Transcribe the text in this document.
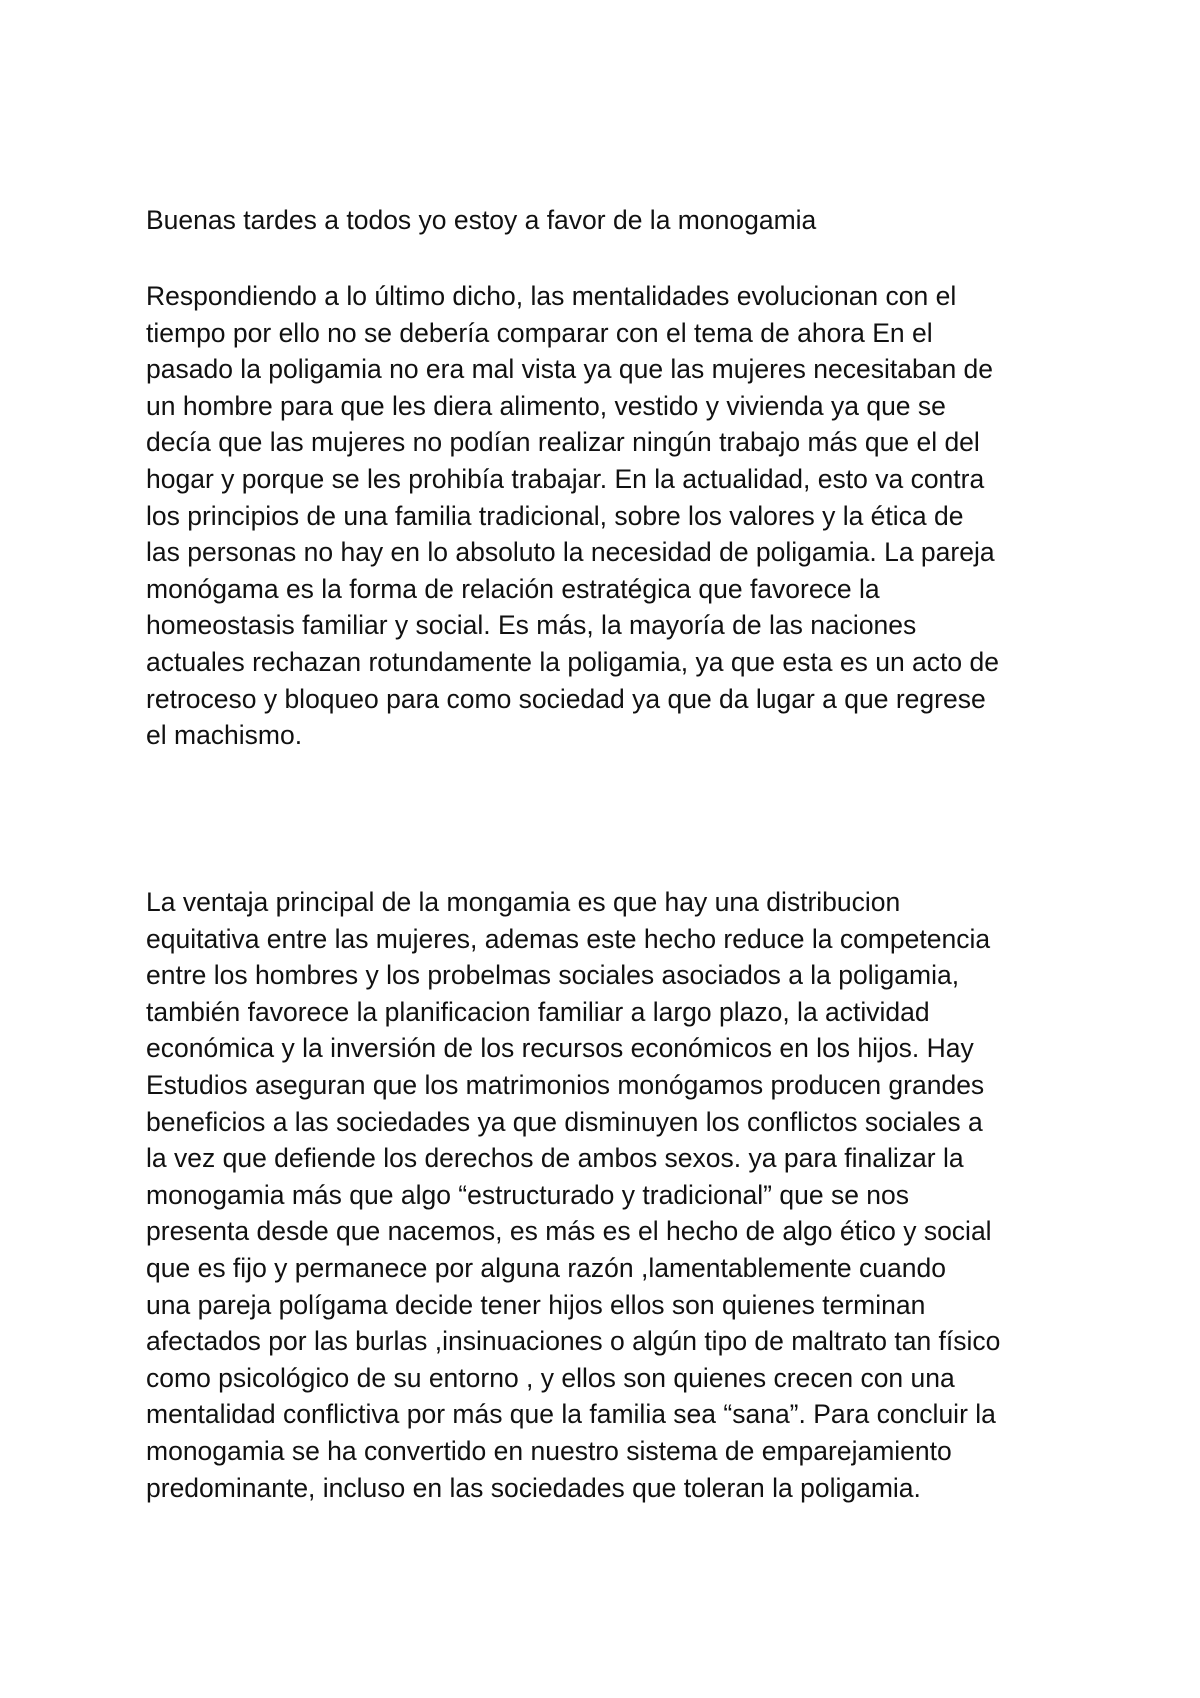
Buenas tardes a todos yo estoy a favor de la monogamia

Respondiendo a lo último dicho, las mentalidades evolucionan con el
tiempo por ello no se debería comparar con el tema de ahora En el
pasado la poligamia no era mal vista ya que las mujeres necesitaban de
un hombre para que les diera alimento, vestido y vivienda ya que se
decía que las mujeres no podían realizar ningún trabajo más que el del
hogar y porque se les prohibía trabajar. En la actualidad, esto va contra
los principios de una familia tradicional, sobre los valores y la ética de
las personas no hay en lo absoluto la necesidad de poligamia. La pareja
monógama es la forma de relación estratégica que favorece la
homeostasis familiar y social. Es más, la mayoría de las naciones
actuales rechazan rotundamente la poligamia, ya que esta es un acto de
retroceso y bloqueo para como sociedad ya que da lugar a que regrese
el machismo.

La ventaja principal de la mongamia es que hay una distribucion
equitativa entre las mujeres, ademas este hecho reduce la competencia
entre los hombres y los probelmas sociales asociados a la poligamia,
también favorece la planificacion familiar a largo plazo, la actividad
económica y la inversión de los recursos económicos en los hijos. Hay
Estudios aseguran que los matrimonios monógamos producen grandes
beneficios a las sociedades ya que disminuyen los conflictos sociales a
la vez que defiende los derechos de ambos sexos. ya para finalizar la
monogamia más que algo “estructurado y tradicional” que se nos
presenta desde que nacemos, es más es el hecho de algo ético y social
que es fijo y permanece por alguna razón ,lamentablemente cuando
una pareja polígama decide tener hijos ellos son quienes terminan
afectados por las burlas ,insinuaciones o algún tipo de maltrato tan físico
como psicológico de su entorno , y ellos son quienes crecen con una
mentalidad conflictiva por más que la familia sea “sana”. Para concluir la
monogamia se ha convertido en nuestro sistema de emparejamiento
predominante, incluso en las sociedades que toleran la poligamia.
